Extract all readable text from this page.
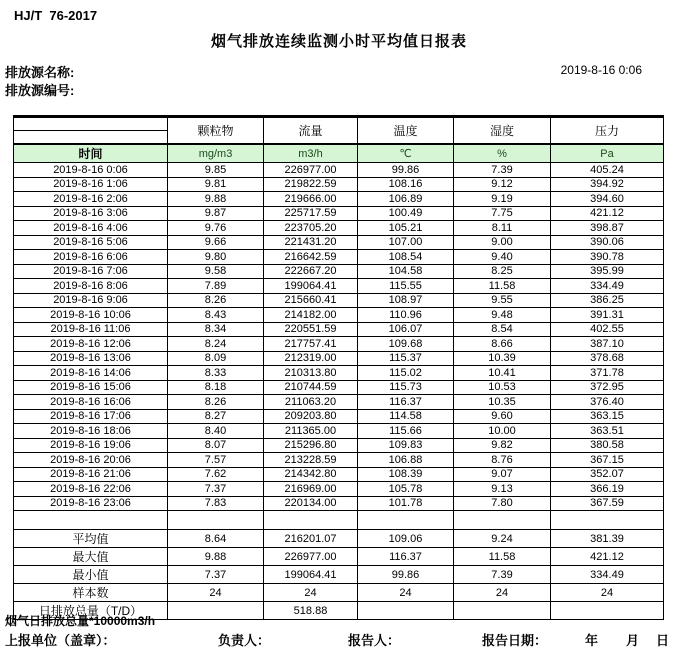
HJ/T  76-2017
烟气排放连续监测小时平均值日报表
排放源名称:
排放源编号:
2019-8-16 0:06
	颗粒物	流量	温度	湿度	压力

时间	mg/m3	m3/h	℃	%	Pa
2019-8-16 0:06	9.85	226977.00	99.86	7.39	405.24
2019-8-16 1:06	9.81	219822.59	108.16	9.12	394.92
2019-8-16 2:06	9.88	219666.00	106.89	9.19	394.60
2019-8-16 3:06	9.87	225717.59	100.49	7.75	421.12
2019-8-16 4:06	9.76	223705.20	105.21	8.11	398.87
2019-8-16 5:06	9.66	221431.20	107.00	9.00	390.06
2019-8-16 6:06	9.80	216642.59	108.54	9.40	390.78
2019-8-16 7:06	9.58	222667.20	104.58	8.25	395.99
2019-8-16 8:06	7.89	199064.41	115.55	11.58	334.49
2019-8-16 9:06	8.26	215660.41	108.97	9.55	386.25
2019-8-16 10:06	8.43	214182.00	110.96	9.48	391.31
2019-8-16 11:06	8.34	220551.59	106.07	8.54	402.55
2019-8-16 12:06	8.24	217757.41	109.68	8.66	387.10
2019-8-16 13:06	8.09	212319.00	115.37	10.39	378.68
2019-8-16 14:06	8.33	210313.80	115.02	10.41	371.78
2019-8-16 15:06	8.18	210744.59	115.73	10.53	372.95
2019-8-16 16:06	8.26	211063.20	116.37	10.35	376.40
2019-8-16 17:06	8.27	209203.80	114.58	9.60	363.15
2019-8-16 18:06	8.40	211365.00	115.66	10.00	363.51
2019-8-16 19:06	8.07	215296.80	109.83	9.82	380.58
2019-8-16 20:06	7.57	213228.59	106.88	8.76	367.15
2019-8-16 21:06	7.62	214342.80	108.39	9.07	352.07
2019-8-16 22:06	7.37	216969.00	105.78	9.13	366.19
2019-8-16 23:06	7.83	220134.00	101.78	7.80	367.59

平均值	8.64	216201.07	109.06	9.24	381.39
最大值	9.88	226977.00	116.37	11.58	421.12
最小值	7.37	199064.41	99.86	7.39	334.49
样本数	24	24	24	24	24
日排放总量（T/D）		518.88			
烟气日排放总量*10000m3/h
上报单位（盖章）：	负责人：	报告人：	报告日期：	年 月 日
